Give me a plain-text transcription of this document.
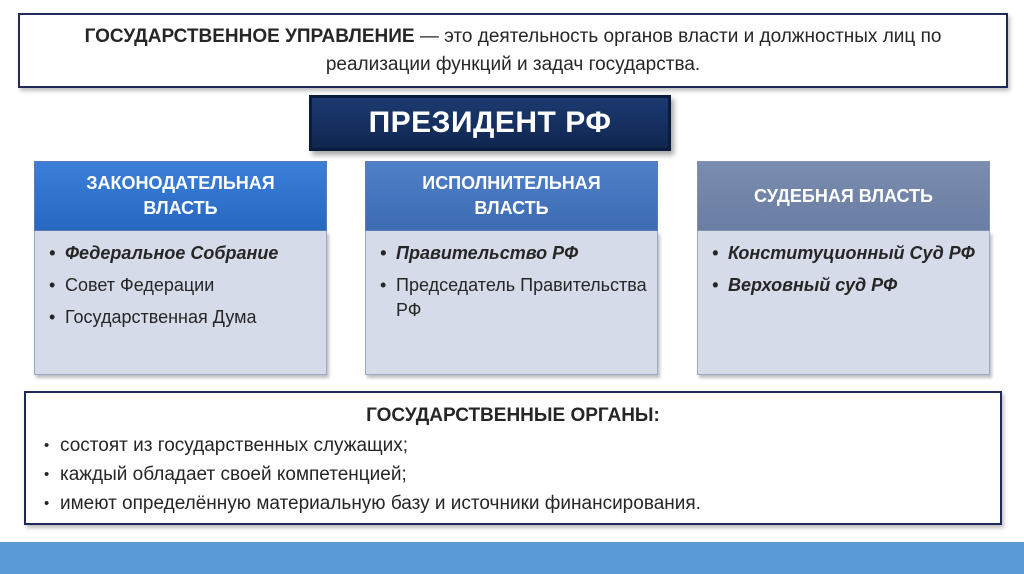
ГОСУДАРСТВЕННОЕ УПРАВЛЕНИЕ — это деятельность органов власти и должностных лиц по реализации функций и задач государства.

ПРЕЗИДЕНТ РФ
ЗАКОНОДАТЕЛЬНАЯ ВЛАСТЬ
• Федеральное Собрание
• Совет Федерации
• Государственная Дума
ИСПОЛНИТЕЛЬНАЯ ВЛАСТЬ
• Правительство РФ
• Председатель Правительства РФ
СУДЕБНАЯ ВЛАСТЬ
• Конституционный Суд РФ
• Верховный суд РФ
ГОСУДАРСТВЕННЫЕ ОРГАНЫ:
• состоят из государственных служащих;
• каждый обладает своей компетенцией;
• имеют определённую материальную базу и источники финансирования.
